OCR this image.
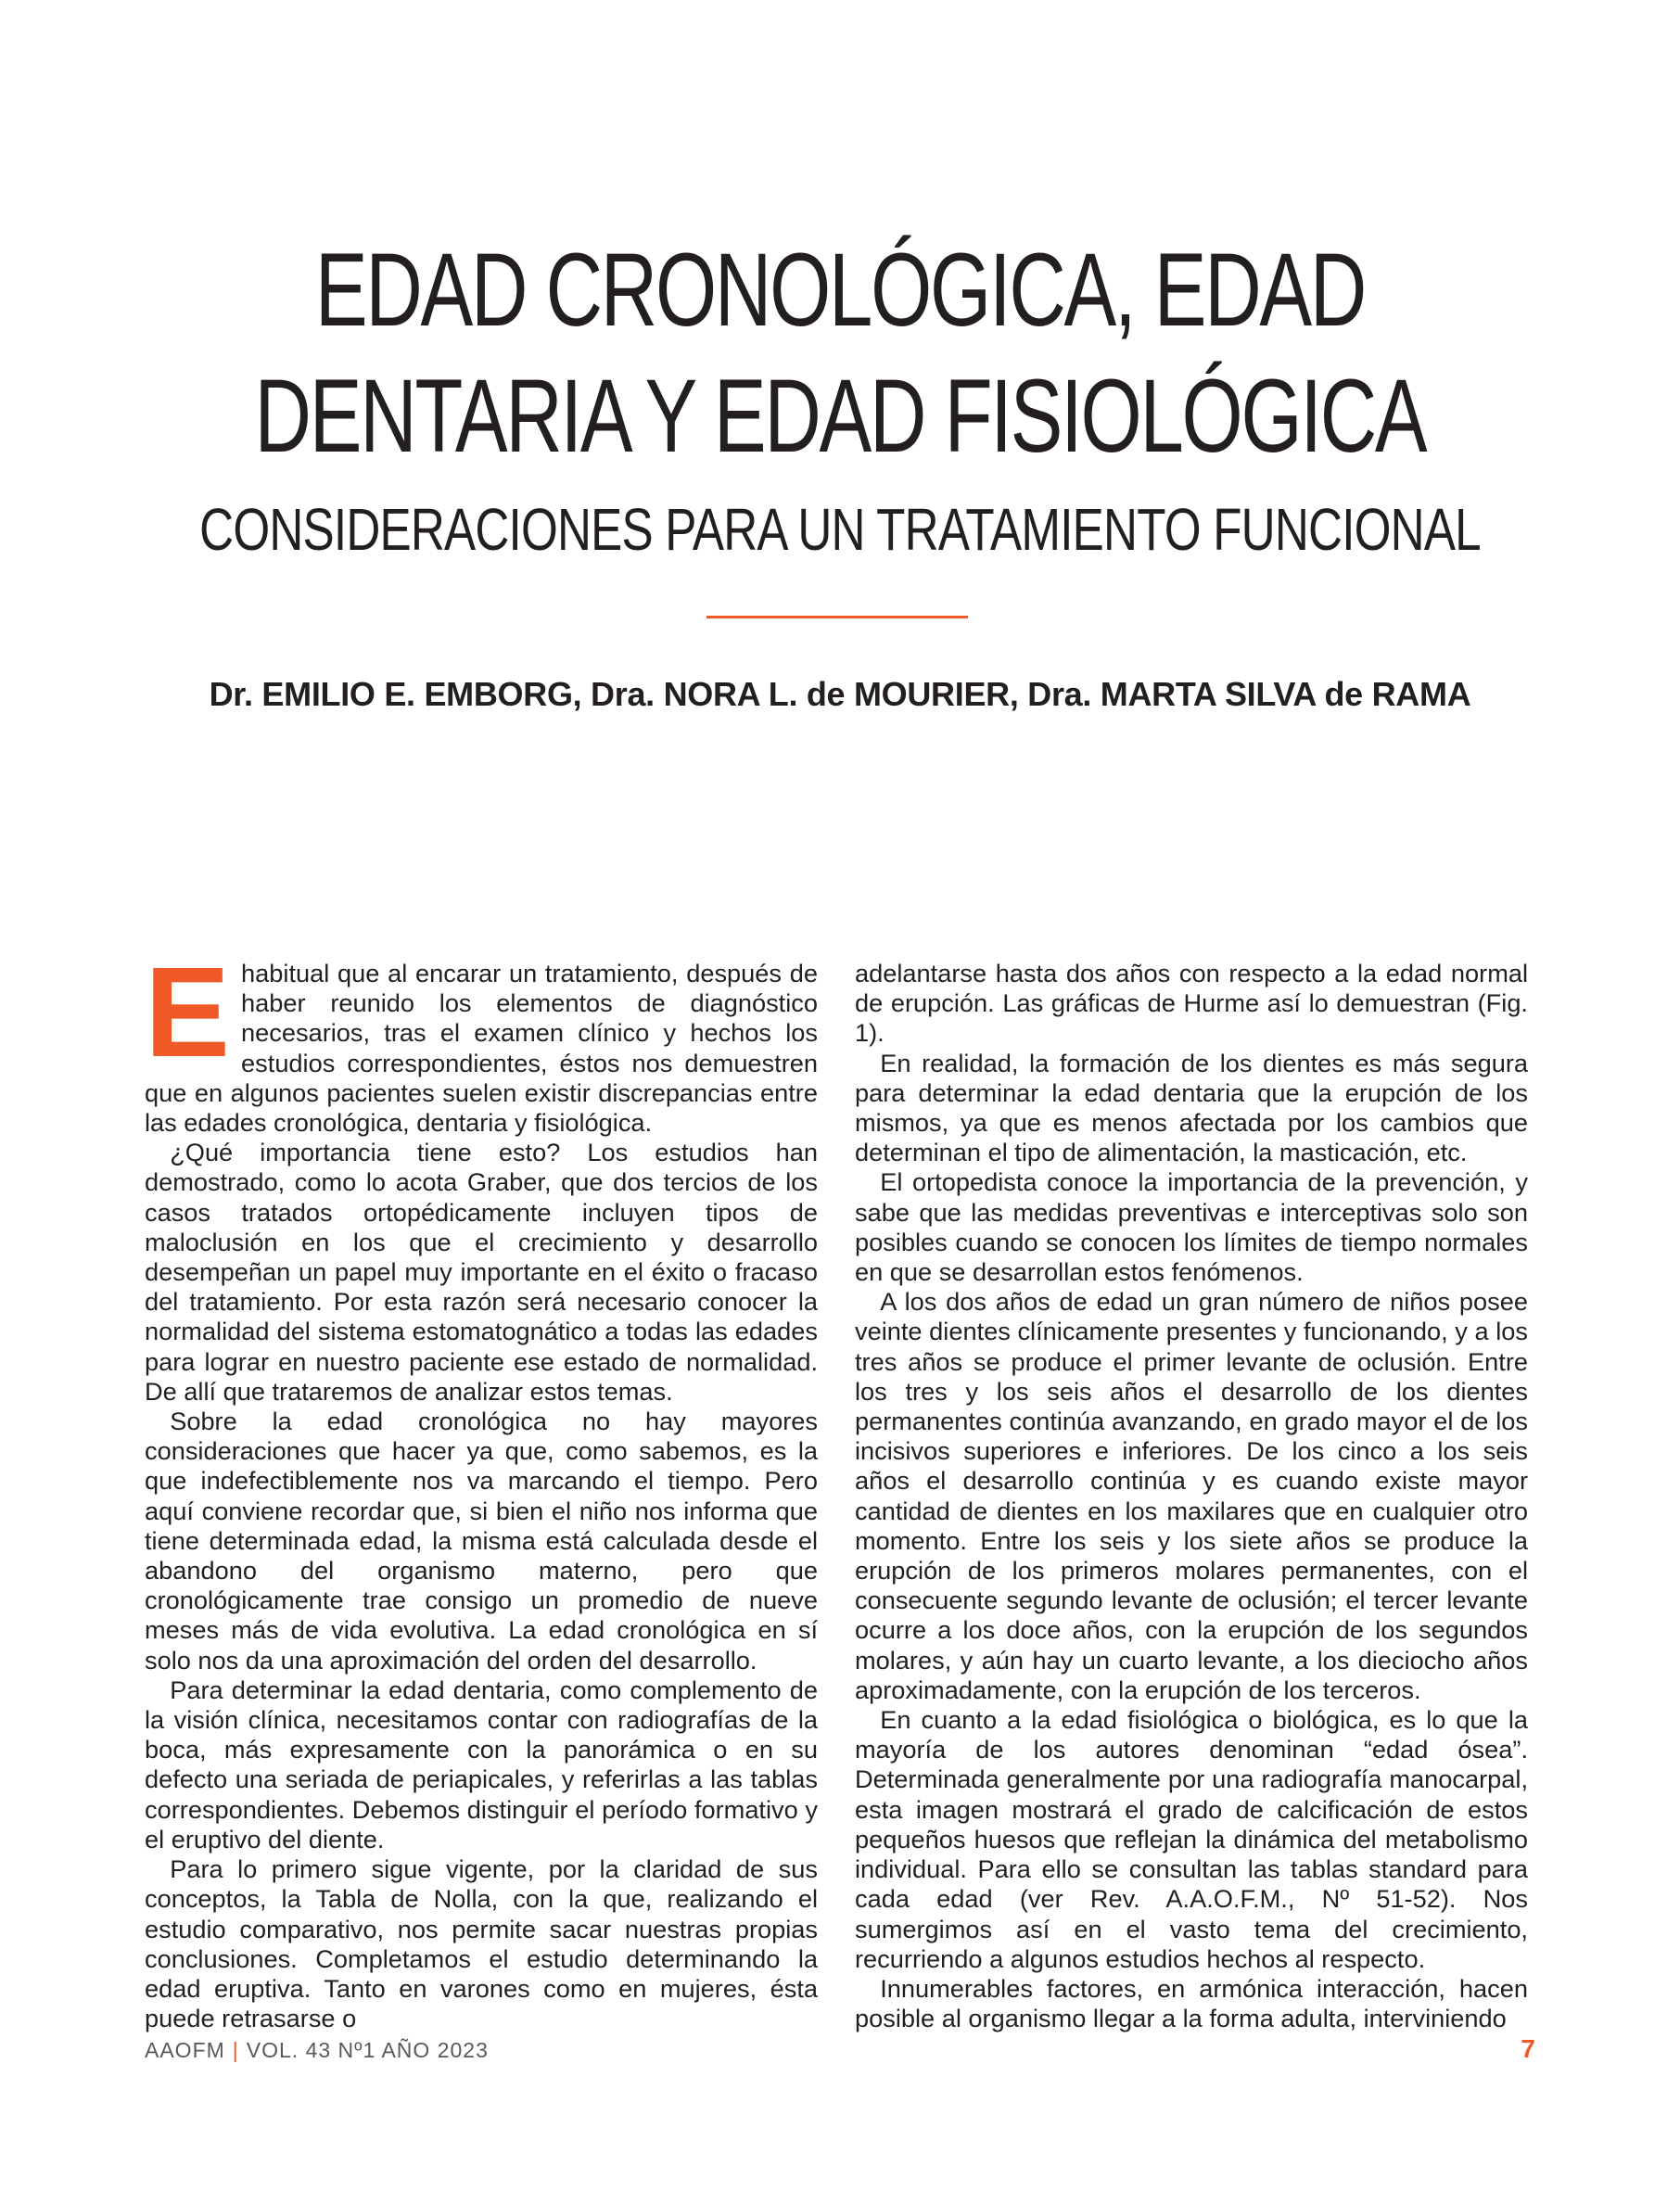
EDAD CRONOLÓGICA, EDAD
DENTARIA Y EDAD FISIOLÓGICA
CONSIDERACIONES PARA UN TRATAMIENTO FUNCIONAL
Dr. EMILIO E. EMBORG, Dra. NORA L. de MOURIER, Dra. MARTA SILVA de RAMA

Ehabitual que al encarar un tratamiento, después de haber reunido los elementos de diagnóstico necesarios, tras el examen clínico y hechos los estudios correspondientes, éstos nos demuestren que en algunos pacientes suelen existir discrepancias entre las edades cronológica, dentaria y fisiológica.

¿Qué importancia tiene esto? Los estudios han demostrado, como lo acota Graber, que dos tercios de los casos tratados ortopédicamente incluyen tipos de maloclusión en los que el crecimiento y desarrollo desempeñan un papel muy importante en el éxito o fracaso del tratamiento. Por esta razón será necesario conocer la normalidad del sistema estomatognático a todas las edades para lograr en nuestro paciente ese estado de normalidad. De allí que trataremos de analizar estos temas.

Sobre la edad cronológica no hay mayores consideraciones que hacer ya que, como sabemos, es la que indefectiblemente nos va marcando el tiempo. Pero aquí conviene recordar que, si bien el niño nos informa que tiene determinada edad, la misma está calculada desde el abandono del organismo materno, pero que cronológicamente trae consigo un promedio de nueve meses más de vida evolutiva. La edad cronológica en sí solo nos da una aproximación del orden del desarrollo.

Para determinar la edad dentaria, como complemento de la visión clínica, necesitamos contar con radiografías de la boca, más expresamente con la panorámica o en su defecto una seriada de periapicales, y referirlas a las tablas correspondientes. Debemos distinguir el período formativo y el eruptivo del diente.

Para lo primero sigue vigente, por la claridad de sus conceptos, la Tabla de Nolla, con la que, realizando el estudio comparativo, nos permite sacar nuestras propias conclusiones. Completamos el estudio determinando la edad eruptiva. Tanto en varones como en mujeres, ésta puede retrasarse o

adelantarse hasta dos años con respecto a la edad normal de erupción. Las gráficas de Hurme así lo demuestran (Fig. 1).

En realidad, la formación de los dientes es más segura para determinar la edad dentaria que la erupción de los mismos, ya que es menos afectada por los cambios que determinan el tipo de alimentación, la masticación, etc.

El ortopedista conoce la importancia de la prevención, y sabe que las medidas preventivas e interceptivas solo son posibles cuando se conocen los límites de tiempo normales en que se desarrollan estos fenómenos.

A los dos años de edad un gran número de niños posee veinte dientes clínicamente presentes y funcionando, y a los tres años se produce el primer levante de oclusión. Entre los tres y los seis años el desarrollo de los dientes permanentes continúa avanzando, en grado mayor el de los incisivos superiores e inferiores. De los cinco a los seis años el desarrollo continúa y es cuando existe mayor cantidad de dientes en los maxilares que en cualquier otro momento. Entre los seis y los siete años se produce la erupción de los primeros molares permanentes, con el consecuente segundo levante de oclusión; el tercer levante ocurre a los doce años, con la erupción de los segundos molares, y aún hay un cuarto levante, a los dieciocho años aproximadamente, con la erupción de los terceros.

En cuanto a la edad fisiológica o biológica, es lo que la mayoría de los autores denominan “edad ósea”. Determinada generalmente por una radiografía manocarpal, esta imagen mostrará el grado de calcificación de estos pequeños huesos que reflejan la dinámica del metabolismo individual. Para ello se consultan las tablas standard para cada edad (ver Rev. A.A.O.F.M., Nº 51-52). Nos sumergimos así en el vasto tema del crecimiento, recurriendo a algunos estudios hechos al respecto.

Innumerables factores, en armónica interacción, hacen posible al organismo llegar a la forma adulta, interviniendo

AAOFM | VOL. 43 Nº1 AÑO 2023	7
